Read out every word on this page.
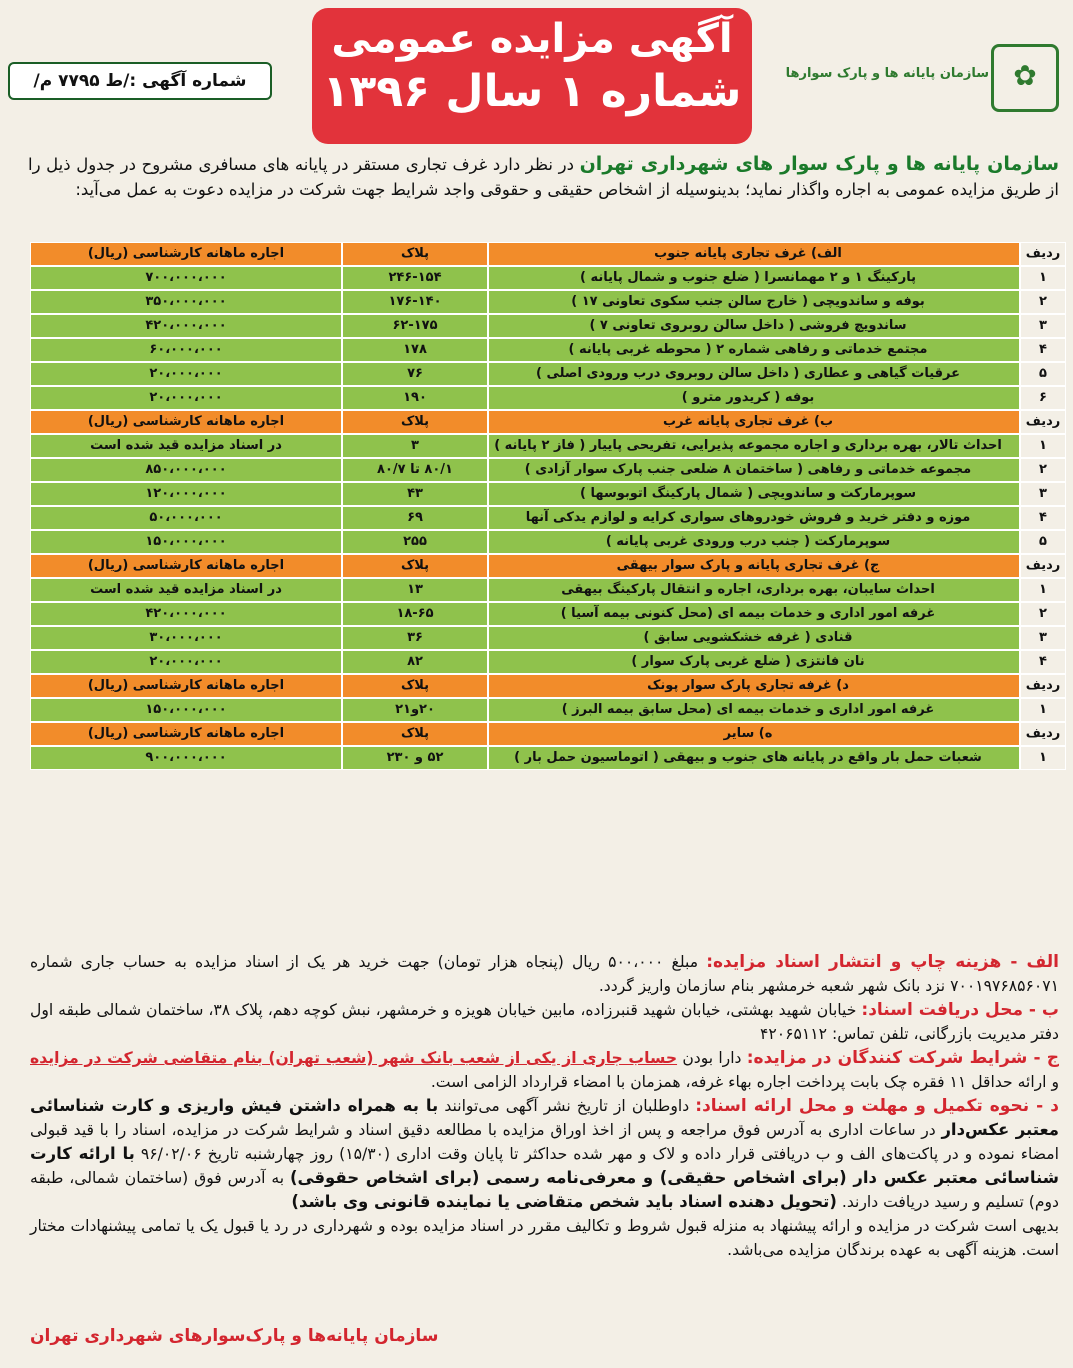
✿
سازمان پایانه ها و پارک سوارها
آگهی مزایده عمومی
شماره ۱ سال ۱۳۹۶
شماره آگهی :/ط ۷۷۹۵ م/
سازمان پایانه ها و پارک سوار های شهرداری تهران در نظر دارد غرف تجاری مستقر در پایانه های مسافری مشروح در جدول ذیل را از طریق مزایده عمومی به اجاره واگذار نماید؛ بدینوسیله از اشخاص حقیقی و حقوقی واجد شرایط جهت شرکت در مزایده دعوت به عمل می‌آید:
ردیف
الف) غرف تجاری پایانه جنوب
پلاک
اجاره ماهانه کارشناسی (ریال)
۱
پارکینگ ۱ و ۲ مهمانسرا ( ضلع جنوب و شمال پایانه )
۲۴۶-۱۵۴
۷۰۰،۰۰۰،۰۰۰
۲
بوفه و ساندویچی ( خارج سالن جنب سکوی تعاونی ۱۷ )
۱۷۶-۱۴۰
۳۵۰،۰۰۰،۰۰۰
۳
ساندویچ فروشی ( داخل سالن روبروی تعاونی ۷ )
۶۲-۱۷۵
۴۲۰،۰۰۰،۰۰۰
۴
مجتمع خدماتی و رفاهی شماره ۲ ( محوطه غربی پایانه )
۱۷۸
۶۰،۰۰۰،۰۰۰
۵
عرقیات گیاهی و عطاری ( داخل سالن روبروی درب ورودی اصلی )
۷۶
۲۰،۰۰۰،۰۰۰
۶
بوفه ( کریدور مترو )
۱۹۰
۲۰،۰۰۰،۰۰۰
ردیف
ب) غرف تجاری پایانه غرب
پلاک
اجاره ماهانه کارشناسی (ریال)
۱
احداث تالار، بهره برداری و اجاره مجموعه پذیرایی، تفریحی پاییار ( فاز ۲ پایانه )
۳
در اسناد مزایده قید شده است
۲
مجموعه خدماتی و رفاهی ( ساختمان ۸ ضلعی جنب پارک سوار آزادی )
۸۰/۱ تا ۸۰/۷
۸۵۰،۰۰۰،۰۰۰
۳
سوپرمارکت و ساندویچی ( شمال پارکینگ اتوبوسها )
۴۳
۱۲۰،۰۰۰،۰۰۰
۴
موزه و دفتر خرید و فروش خودروهای سواری کرایه و لوازم یدکی آنها
۶۹
۵۰،۰۰۰،۰۰۰
۵
سوپرمارکت ( جنب درب ورودی غربی پایانه )
۲۵۵
۱۵۰،۰۰۰،۰۰۰
ردیف
ج) غرف تجاری پایانه و پارک سوار بیهقی
پلاک
اجاره ماهانه کارشناسی (ریال)
۱
احداث سایبان، بهره برداری، اجاره و انتقال پارکینگ بیهقی
۱۳
در اسناد مزایده قید شده است
۲
غرفه امور اداری و خدمات بیمه ای (محل کنونی بیمه آسیا )
۱۸-۶۵
۴۲۰،۰۰۰،۰۰۰
۳
قنادی ( غرفه خشکشویی سابق )
۳۶
۳۰،۰۰۰،۰۰۰
۴
نان فانتزی ( ضلع غربی پارک سوار )
۸۲
۲۰،۰۰۰،۰۰۰
ردیف
د) غرفه تجاری پارک سوار پونک
پلاک
اجاره ماهانه کارشناسی (ریال)
۱
غرفه امور اداری و خدمات بیمه ای (محل سابق بیمه البرز )
۲۰و۲۱
۱۵۰،۰۰۰،۰۰۰
ردیف
ه) سایر
پلاک
اجاره ماهانه کارشناسی (ریال)
۱
شعبات حمل بار واقع در پایانه های جنوب و بیهقی ( اتوماسیون حمل بار )
۵۲ و ۲۳۰
۹۰۰،۰۰۰،۰۰۰

الف - هزینه چاپ و انتشار اسناد مزایده: مبلغ ۵۰۰،۰۰۰ ریال (پنجاه هزار تومان) جهت خرید هر یک از اسناد مزایده به حساب جاری شماره ۷۰۰۱۹۷۶۸۵۶۰۷۱ نزد بانک شهر شعبه خرمشهر بنام سازمان واریز گردد.

ب - محل دریافت اسناد: خیابان شهید بهشتی، خیابان شهید قنبرزاده، مابین خیابان هویزه و خرمشهر، نبش کوچه دهم، پلاک ۳۸، ساختمان شمالی طبقه اول دفتر مدیریت بازرگانی، تلفن تماس: ۴۲۰۶۵۱۱۲

ج - شرایط شرکت کنندگان در مزایده: دارا بودن حساب جاری از یکی از شعب بانک شهر (شعب تهران) بنام متقاضی شرکت در مزایده و ارائه حداقل ۱۱ فقره چک بابت پرداخت اجاره بهاء غرفه، همزمان با امضاء قرارداد الزامی است.

د - نحوه تکمیل و مهلت و محل ارائه اسناد: داوطلبان از تاریخ نشر آگهی می‌توانند با به همراه داشتن فیش واریزی و کارت شناسائی معتبر عکس‌دار در ساعات اداری به آدرس فوق مراجعه و پس از اخذ اوراق مزایده با مطالعه دقیق اسناد و شرایط شرکت در مزایده، اسناد را با قید قبولی امضاء نموده و در پاکت‌های الف و ب دریافتی قرار داده و لاک و مهر شده حداکثر تا پایان وقت اداری (۱۵/۳۰) روز چهارشنبه تاریخ ۹۶/۰۲/۰۶ با ارائه کارت شناسائی معتبر عکس دار (برای اشخاص حقیقی) و معرفی‌نامه رسمی (برای اشخاص حقوقی) به آدرس فوق (ساختمان شمالی، طبقه دوم) تسلیم و رسید دریافت دارند. (تحویل دهنده اسناد باید شخص متقاضی یا نماینده قانونی وی باشد)

بدیهی است شرکت در مزایده و ارائه پیشنهاد به منزله قبول شروط و تکالیف مقرر در اسناد مزایده بوده و شهرداری در رد یا قبول یک یا تمامی پیشنهادات مختار است. هزینه آگهی به عهده برندگان مزایده می‌باشد.

سازمان پایانه‌ها و پارک‌سوارهای شهرداری تهران
